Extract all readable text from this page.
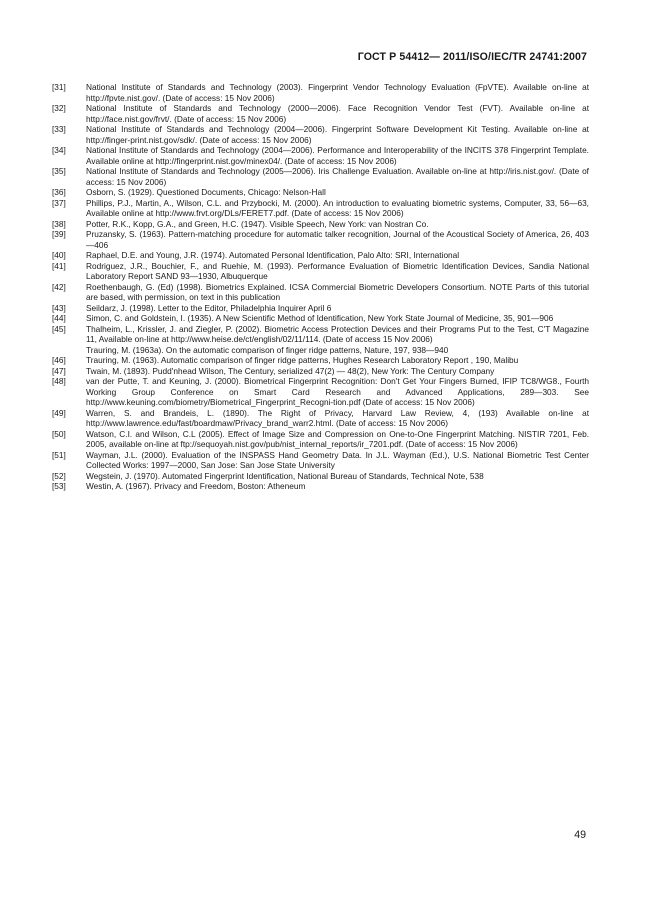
ГОСТ Р 54412— 2011/ISO/IEC/TR 24741:2007
[31]	National Institute of Standards and Technology (2003). Fingerprint Vendor Technology Evaluation (FpVTE). Available on-line at http://fpvte.nist.gov/. (Date of access: 15 Nov 2006)

[32]	National Institute of Standards and Technology (2000—2006). Face Recognition Vendor Test (FVT). Available on-line at http://face.nist.gov/frvt/. (Date of access: 15 Nov 2006)

[33]	National Institute of Standards and Technology (2004—2006). Fingerprint Software Development Kit Testing. Available on-line at http://finger-print.nist.gov/sdk/. (Date of access: 15 Nov 2006)

[34]	National Institute of Standards and Technology (2004—2006). Performance and Interoperability of the INCITS 378 Fingerprint Template. Available online at http://fingerprint.nist.gov/minex04/. (Date of access: 15 Nov 2006)

[35]	National Institute of Standards and Technology (2005—2006). Iris Challenge Evaluation. Available on-line at http://iris.nist.gov/. (Date of access: 15 Nov 2006)

[36]	Osborn, S. (1929). Questioned Documents, Chicago: Nelson-Hall

[37]	Phillips, P.J., Martin, A., Wilson, C.L. and Przybocki, M. (2000). An introduction to evaluating biometric systems, Computer, 33, 56—63, Available online at http://www.frvt.org/DLs/FERET7.pdf. (Date of access: 15 Nov 2006)

[38]	Potter, R.K., Kopp, G.A., and Green, H.C. (1947). Visible Speech, New York: van Nostran Co.

[39]	Pruzansky, S. (1963). Pattern-matching procedure for automatic talker recognition, Journal of the Acoustical Society of America, 26, 403—406

[40]	Raphael, D.E. and Young, J.R. (1974). Automated Personal Identification, Palo Alto: SRI, International

[41]	Rodriguez, J.R., Bouchier, F., and Ruehie, M. (1993). Performance Evaluation of Biometric Identification Devices, Sandia National Laboratory Report SAND 93—1930, Albuquerque

[42]	Roethenbaugh, G. (Ed) (1998). Biometrics Explained. ICSA Commercial Biometric Developers Consortium. NOTE Parts of this tutorial are based, with permission, on text in this publication

[43]	Seildarz, J. (1998). Letter to the Editor, Philadelphia Inquirer April 6

[44]	Simon, C. and Goldstein, I. (1935). A New Scientific Method of Identification, New York State Journal of Medicine, 35, 901—906

[45]	Thalheim, L., Krissler, J. and Ziegler, P. (2002). Biometric Access Protection Devices and their Programs Put to the Test, C'T Magazine 11, Available on-line at http://www.heise.de/ct/english/02/11/114. (Date of access 15 Nov 2006)

Trauring, M. (1963a). On the automatic comparison of finger ridge patterns, Nature, 197, 938—940

[46]	Trauring, M. (1963). Automatic comparison of finger ridge patterns, Hughes Research Laboratory Report , 190, Malibu

[47]	Twain, M. (1893). Pudd'nhead Wilson, The Century, serialized 47(2) — 48(2), New York: The Century Company

[48]	van der Putte, T. and Keuning, J. (2000). Biometrical Fingerprint Recognition: Don't Get Your Fingers Burned, IFIP TC8/WG8., Fourth Working Group Conference on Smart Card Research and Advanced Applications, 289—303. See http://www.keuning.com/biometry/Biometrical_Fingerprint_Recogni-tion.pdf (Date of access: 15 Nov 2006)

[49]	Warren, S. and Brandeis, L. (1890). The Right of Privacy, Harvard Law Review, 4, (193) Available on-line at http://www.lawrence.edu/fast/boardmaw/Privacy_brand_warr2.html. (Date of access: 15 Nov 2006)

[50]	Watson, C.I. and Wilson, C.L (2005). Effect of Image Size and Compression on One-to-One Fingerprint Matching. NISTIR 7201, Feb. 2005, available on-line at ftp://sequoyah.nist.gov/pub/nist_internal_reports/ir_7201.pdf. (Date of access: 15 Nov 2006)

[51]	Wayman, J.L. (2000). Evaluation of the INSPASS Hand Geometry Data. In J.L. Wayman (Ed.), U.S. National Biometric Test Center Collected Works: 1997—2000, San Jose: San Jose State University

[52]	Wegstein, J. (1970). Automated Fingerprint Identification, National Bureau of Standards, Technical Note, 538

[53]	Westin, A. (1967). Privacy and Freedom, Boston: Atheneum

49
